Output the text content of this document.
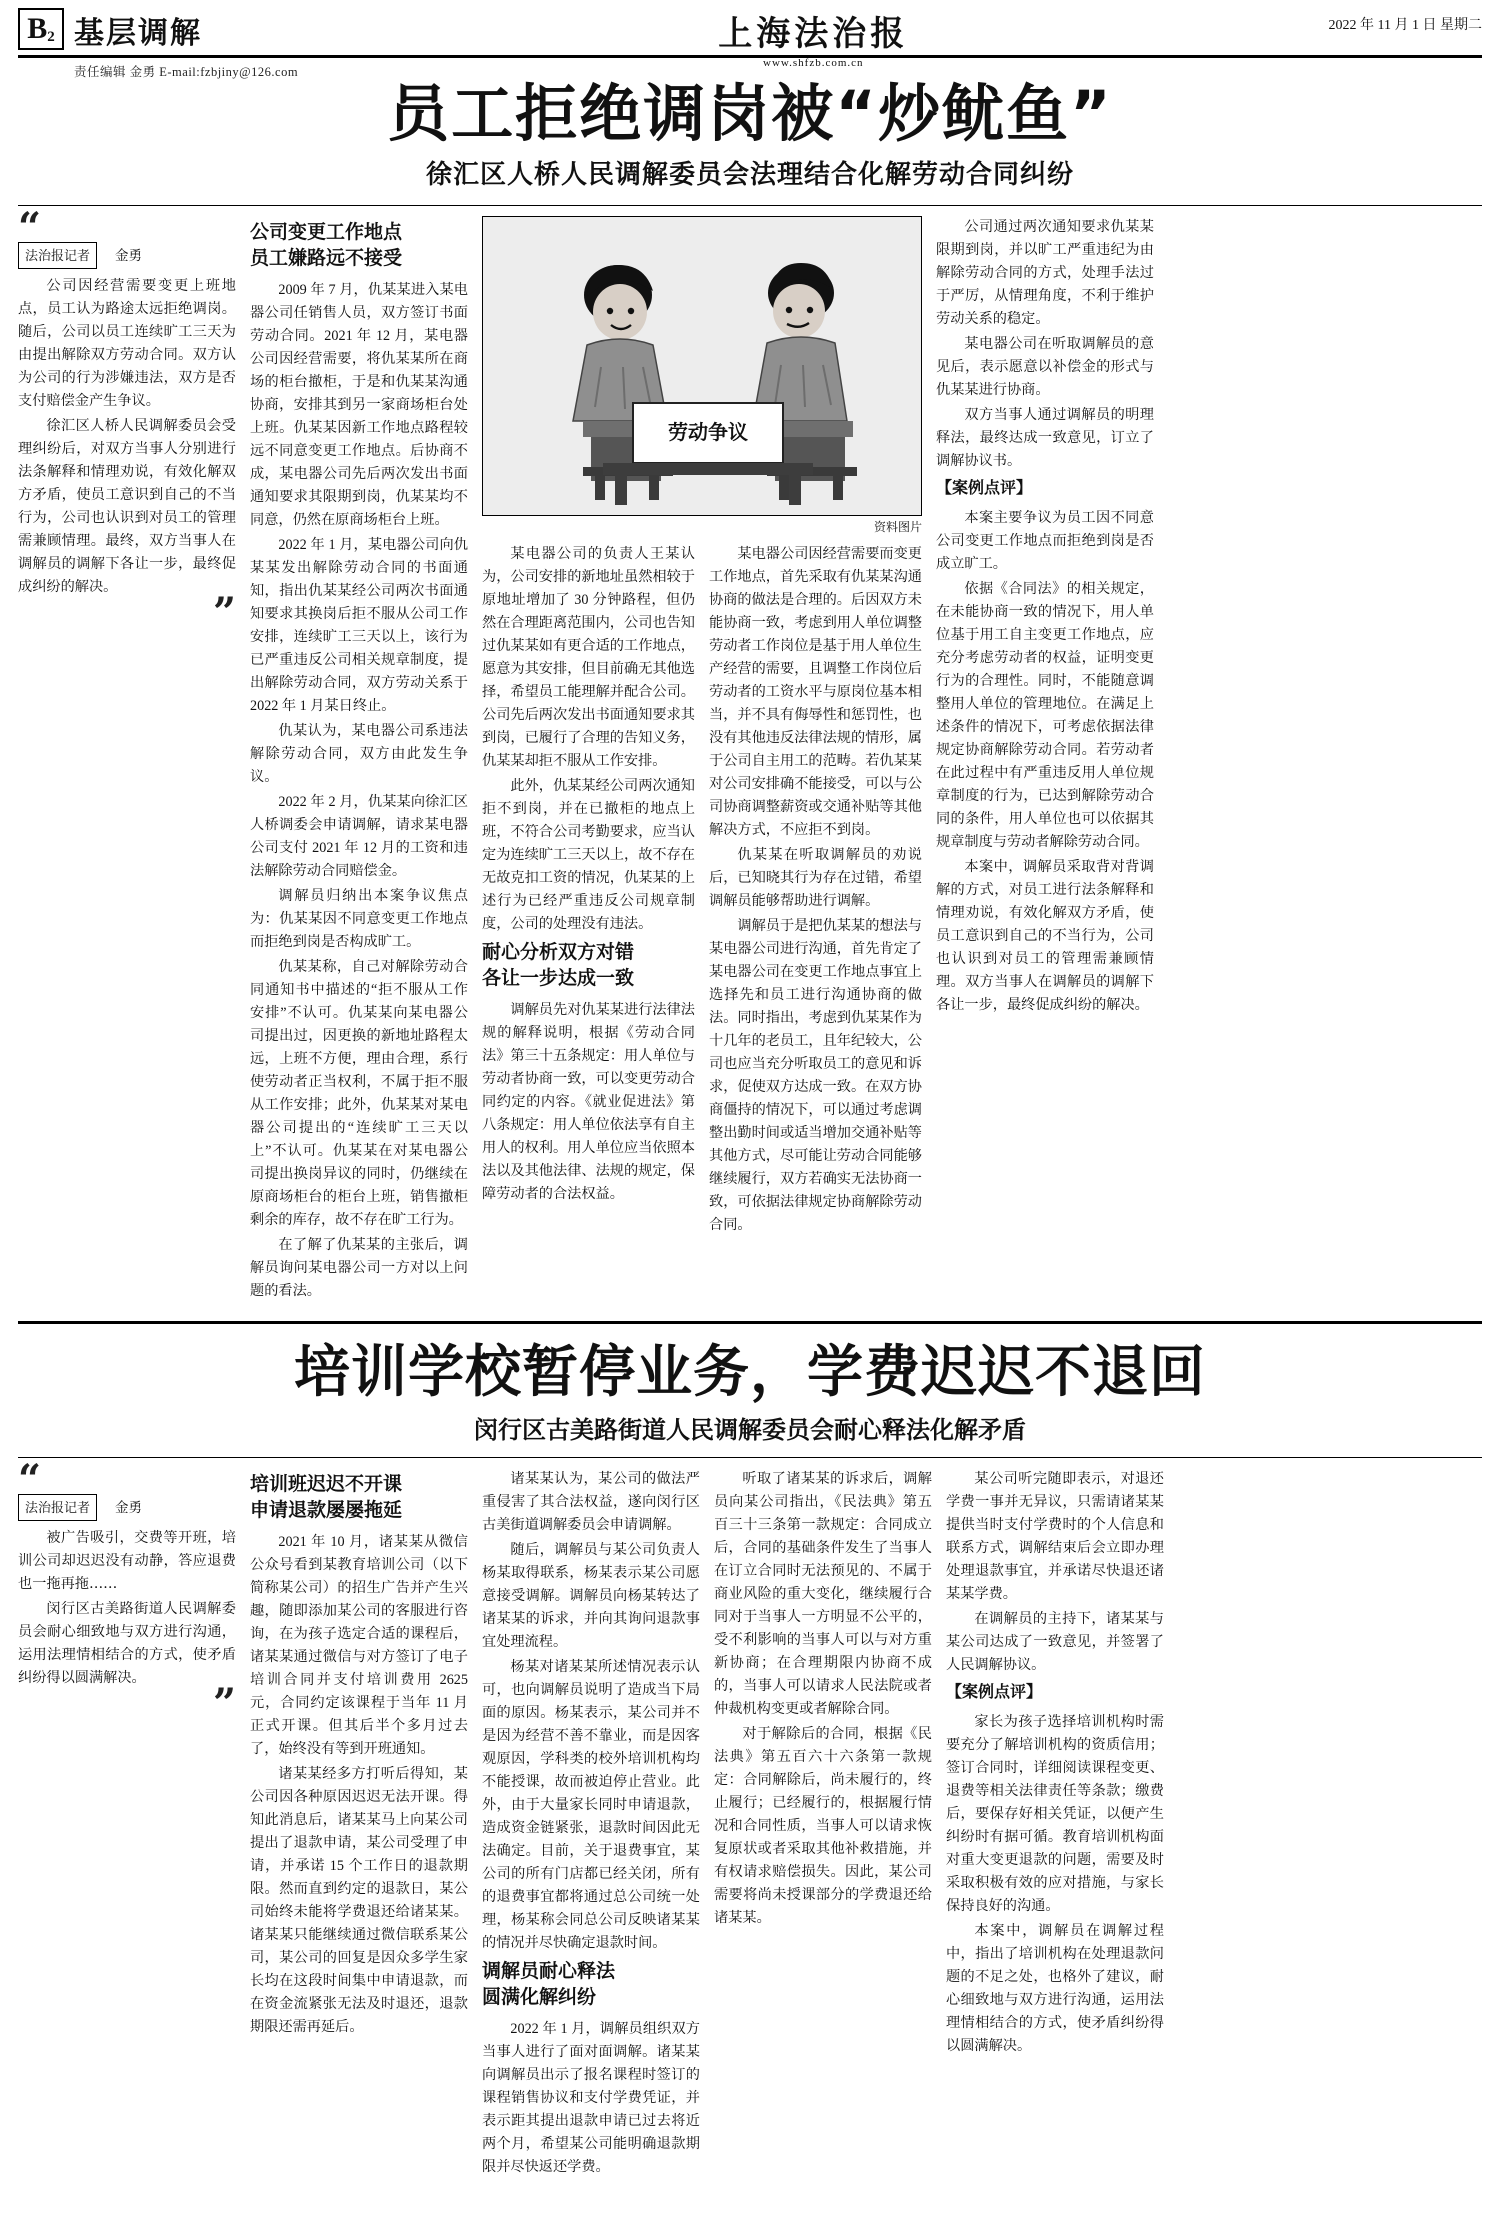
B 2 基层调解
责任编辑 金勇 E-mail:fzbjiny@126.com
上海法治报
www.shfzb.com.cn
2022 年 11 月 1 日 星期二
员工拒绝调岗被“炒鱿鱼”
徐汇区人桥人民调解委员会法理结合化解劳动合同纠纷
“
法治报记者	金勇

公司因经营需要变更上班地点，员工认为路途太远拒绝调岗。随后，公司以员工连续旷工三天为由提出解除双方劳动合同。双方认为公司的行为涉嫌违法，双方是否支付赔偿金产生争议。

徐汇区人桥人民调解委员会受理纠纷后，对双方当事人分别进行法条解释和情理劝说，有效化解双方矛盾，使员工意识到自己的不当行为，公司也认识到对员工的管理需兼顾情理。最终，双方当事人在调解员的调解下各让一步，最终促成纠纷的解决。

”
公司变更工作地点
员工嫌路远不接受

2009 年 7 月，仇某某进入某电器公司任销售人员，双方签订书面劳动合同。2021 年 12 月，某电器公司因经营需要，将仇某某所在商场的柜台撤柜，于是和仇某某沟通协商，安排其到另一家商场柜台处上班。仇某某因新工作地点路程较远不同意变更工作地点。后协商不成，某电器公司先后两次发出书面通知要求其限期到岗，仇某某均不同意，仍然在原商场柜台上班。

2022 年 1 月，某电器公司向仇某某发出解除劳动合同的书面通知，指出仇某某经公司两次书面通知要求其换岗后拒不服从公司工作安排，连续旷工三天以上，该行为已严重违反公司相关规章制度，提出解除劳动合同，双方劳动关系于 2022 年 1 月某日终止。

仇某认为，某电器公司系违法解除劳动合同，双方由此发生争议。

2022 年 2 月，仇某某向徐汇区人桥调委会申请调解，请求某电器公司支付 2021 年 12 月的工资和违法解除劳动合同赔偿金。

调解员归纳出本案争议焦点为：仇某某因不同意变更工作地点而拒绝到岗是否构成旷工。

仇某某称，自己对解除劳动合同通知书中描述的“拒不服从工作安排”不认可。仇某某向某电器公司提出过，因更换的新地址路程太远，上班不方便，理由合理，系行使劳动者正当权利，不属于拒不服从工作安排；此外，仇某某对某电器公司提出的“连续旷工三天以上”不认可。仇某某在对某电器公司提出换岗异议的同时，仍继续在原商场柜台的柜台上班，销售撤柜剩余的库存，故不存在旷工行为。

在了解了仇某某的主张后，调解员询问某电器公司一方对以上问题的看法。

劳动争议
资料图片

某电器公司的负责人王某认为，公司安排的新地址虽然相较于原地址增加了 30 分钟路程，但仍然在合理距离范围内，公司也告知过仇某某如有更合适的工作地点，愿意为其安排，但目前确无其他选择，希望员工能理解并配合公司。公司先后两次发出书面通知要求其到岗，已履行了合理的告知义务，仇某某却拒不服从工作安排。

此外，仇某某经公司两次通知拒不到岗，并在已撤柜的地点上班，不符合公司考勤要求，应当认定为连续旷工三天以上，故不存在无故克扣工资的情况，仇某某的上述行为已经严重违反公司规章制度，公司的处理没有违法。

耐心分析双方对错
各让一步达成一致

调解员先对仇某某进行法律法规的解释说明，根据《劳动合同法》第三十五条规定：用人单位与劳动者协商一致，可以变更劳动合同约定的内容。《就业促进法》第八条规定：用人单位依法享有自主用人的权利。用人单位应当依照本法以及其他法律、法规的规定，保障劳动者的合法权益。

某电器公司因经营需要而变更工作地点，首先采取有仇某某沟通协商的做法是合理的。后因双方未能协商一致，考虑到用人单位调整劳动者工作岗位是基于用人单位生产经营的需要，且调整工作岗位后劳动者的工资水平与原岗位基本相当，并不具有侮辱性和惩罚性，也没有其他违反法律法规的情形，属于公司自主用工的范畴。若仇某某对公司安排确不能接受，可以与公司协商调整薪资或交通补贴等其他解决方式，不应拒不到岗。

仇某某在听取调解员的劝说后，已知晓其行为存在过错，希望调解员能够帮助进行调解。

调解员于是把仇某某的想法与某电器公司进行沟通，首先肯定了某电器公司在变更工作地点事宜上选择先和员工进行沟通协商的做法。同时指出，考虑到仇某某作为十几年的老员工，且年纪较大，公司也应当充分听取员工的意见和诉求，促使双方达成一致。在双方协商僵持的情况下，可以通过考虑调整出勤时间或适当增加交通补贴等其他方式，尽可能让劳动合同能够继续履行，双方若确实无法协商一致，可依据法律规定协商解除劳动合同。

公司通过两次通知要求仇某某限期到岗，并以旷工严重违纪为由解除劳动合同的方式，处理手法过于严厉，从情理角度，不利于维护劳动关系的稳定。

某电器公司在听取调解员的意见后，表示愿意以补偿金的形式与仇某某进行协商。

双方当事人通过调解员的明理释法，最终达成一致意见，订立了调解协议书。

【案例点评】

本案主要争议为员工因不同意公司变更工作地点而拒绝到岗是否成立旷工。

依据《合同法》的相关规定，在未能协商一致的情况下，用人单位基于用工自主变更工作地点，应充分考虑劳动者的权益，证明变更行为的合理性。同时，不能随意调整用人单位的管理地位。在满足上述条件的情况下，可考虑依据法律规定协商解除劳动合同。若劳动者在此过程中有严重违反用人单位规章制度的行为，已达到解除劳动合同的条件，用人单位也可以依据其规章制度与劳动者解除劳动合同。

本案中，调解员采取背对背调解的方式，对员工进行法条解释和情理劝说，有效化解双方矛盾，使员工意识到自己的不当行为，公司也认识到对员工的管理需兼顾情理。双方当事人在调解员的调解下各让一步，最终促成纠纷的解决。

培训学校暂停业务，学费迟迟不退回
闵行区古美路街道人民调解委员会耐心释法化解矛盾
“
法治报记者	金勇

被广告吸引，交费等开班，培训公司却迟迟没有动静，答应退费也一拖再拖……

闵行区古美路街道人民调解委员会耐心细致地与双方进行沟通，运用法理情相结合的方式，使矛盾纠纷得以圆满解决。

”
培训班迟迟不开课
申请退款屡屡拖延

2021 年 10 月，诸某某从微信公众号看到某教育培训公司（以下简称某公司）的招生广告并产生兴趣，随即添加某公司的客服进行咨询，在为孩子选定合适的课程后，诸某某通过微信与对方签订了电子培训合同并支付培训费用 2625 元，合同约定该课程于当年 11 月正式开课。但其后半个多月过去了，始终没有等到开班通知。

诸某某经多方打听后得知，某公司因各种原因迟迟无法开课。得知此消息后，诸某某马上向某公司提出了退款申请，某公司受理了申请，并承诺 15 个工作日的退款期限。然而直到约定的退款日，某公司始终未能将学费退还给诸某某。诸某某只能继续通过微信联系某公司，某公司的回复是因众多学生家长均在这段时间集中申请退款，而在资金流紧张无法及时退还，退款期限还需再延后。

诸某某认为，某公司的做法严重侵害了其合法权益，遂向闵行区古美街道调解委员会申请调解。

随后，调解员与某公司负责人杨某取得联系，杨某表示某公司愿意接受调解。调解员向杨某转达了诸某某的诉求，并向其询问退款事宜处理流程。

杨某对诸某某所述情况表示认可，也向调解员说明了造成当下局面的原因。杨某表示，某公司并不是因为经营不善不靠业，而是因客观原因，学科类的校外培训机构均不能授课，故而被迫停止营业。此外，由于大量家长同时申请退款，造成资金链紧张，退款时间因此无法确定。目前，关于退费事宜，某公司的所有门店都已经关闭，所有的退费事宜都将通过总公司统一处理，杨某称会同总公司反映诸某某的情况并尽快确定退款时间。

调解员耐心释法
圆满化解纠纷

2022 年 1 月，调解员组织双方当事人进行了面对面调解。诸某某向调解员出示了报名课程时签订的课程销售协议和支付学费凭证，并表示距其提出退款申请已过去将近两个月，希望某公司能明确退款期限并尽快返还学费。

听取了诸某某的诉求后，调解员向某公司指出，《民法典》第五百三十三条第一款规定：合同成立后，合同的基础条件发生了当事人在订立合同时无法预见的、不属于商业风险的重大变化，继续履行合同对于当事人一方明显不公平的，受不利影响的当事人可以与对方重新协商；在合理期限内协商不成的，当事人可以请求人民法院或者仲裁机构变更或者解除合同。

对于解除后的合同，根据《民法典》第五百六十六条第一款规定：合同解除后，尚未履行的，终止履行；已经履行的，根据履行情况和合同性质，当事人可以请求恢复原状或者采取其他补救措施，并有权请求赔偿损失。因此，某公司需要将尚未授课部分的学费退还给诸某某。

某公司听完随即表示，对退还学费一事并无异议，只需请诸某某提供当时支付学费时的个人信息和联系方式，调解结束后会立即办理处理退款事宜，并承诺尽快退还诸某某学费。

在调解员的主持下，诸某某与某公司达成了一致意见，并签署了人民调解协议。

【案例点评】

家长为孩子选择培训机构时需要充分了解培训机构的资质信用；签订合同时，详细阅读课程变更、退费等相关法律责任等条款；缴费后，要保存好相关凭证，以便产生纠纷时有据可循。教育培训机构面对重大变更退款的问题，需要及时采取积极有效的应对措施，与家长保持良好的沟通。

本案中，调解员在调解过程中，指出了培训机构在处理退款问题的不足之处，也格外了建议，耐心细致地与双方进行沟通，运用法理情相结合的方式，使矛盾纠纷得以圆满解决。
